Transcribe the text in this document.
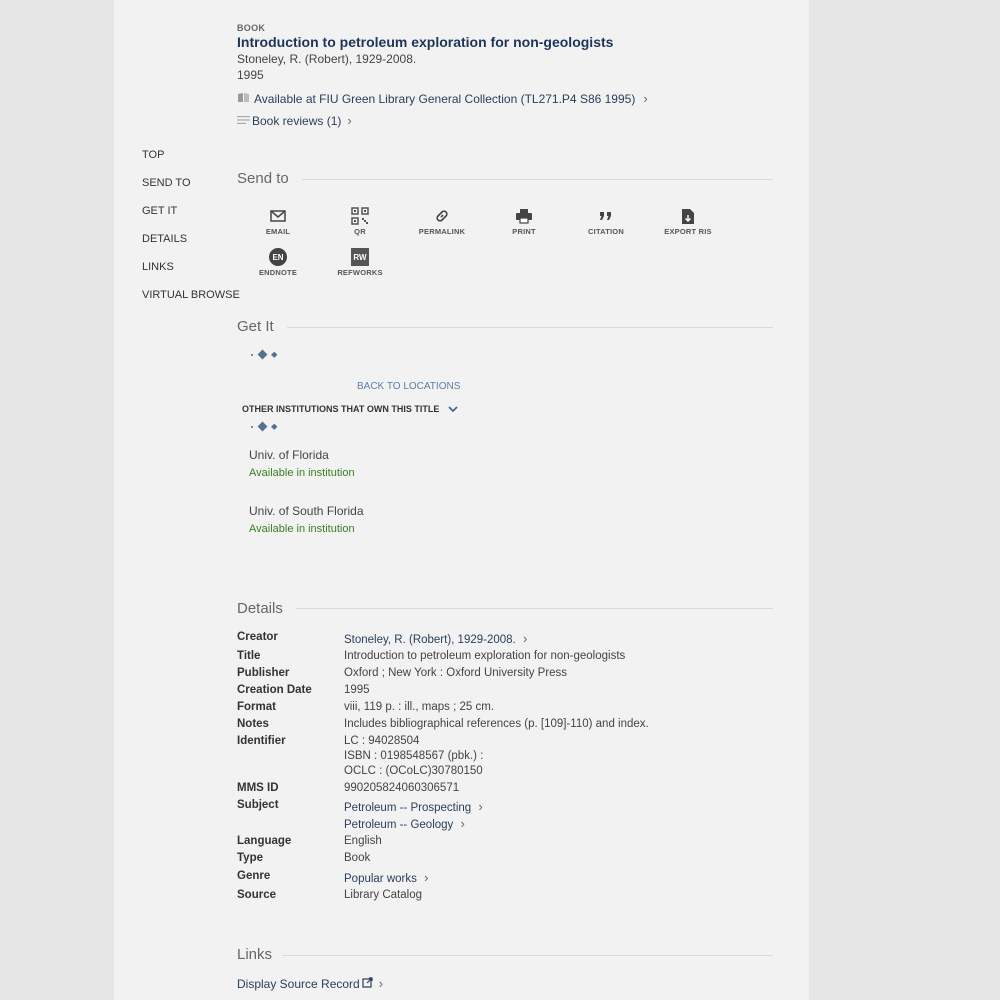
BOOK
Introduction to petroleum exploration for non-geologists
Stoneley, R. (Robert), 1929-2008.
1995
Available at FIU Green Library General Collection (TL271.P4 S86 1995) ›
Book reviews (1) ›
TOP
SEND TO
GET IT
DETAILS
LINKS
VIRTUAL BROWSE
Send to
EMAIL	QR	PERMALINK	PRINT	CITATION	EXPORT RIS
EN
ENDNOTE
RW
REFWORKS
Get It
BACK TO LOCATIONS
OTHER INSTITUTIONS THAT OWN THIS TITLE
Univ. of Florida
Available in institution
Univ. of South Florida
Available in institution
Details
Creator	Stoneley, R. (Robert), 1929-2008. ›
Title	Introduction to petroleum exploration for non-geologists
Publisher	Oxford ; New York : Oxford University Press
Creation Date	1995
Format	viii, 119 p. : ill., maps ; 25 cm.
Notes	Includes bibliographical references (p. [109]-110) and index.
Identifier	LC : 94028504
ISBN : 0198548567 (pbk.) :
OCLC : (OCoLC)30780150
MMS ID	990205824060306571
Subject	Petroleum -- Prospecting ›
Petroleum -- Geology ›
Language	English
Type	Book
Genre	Popular works ›
Source	Library Catalog
Links
Display Source Record ›
